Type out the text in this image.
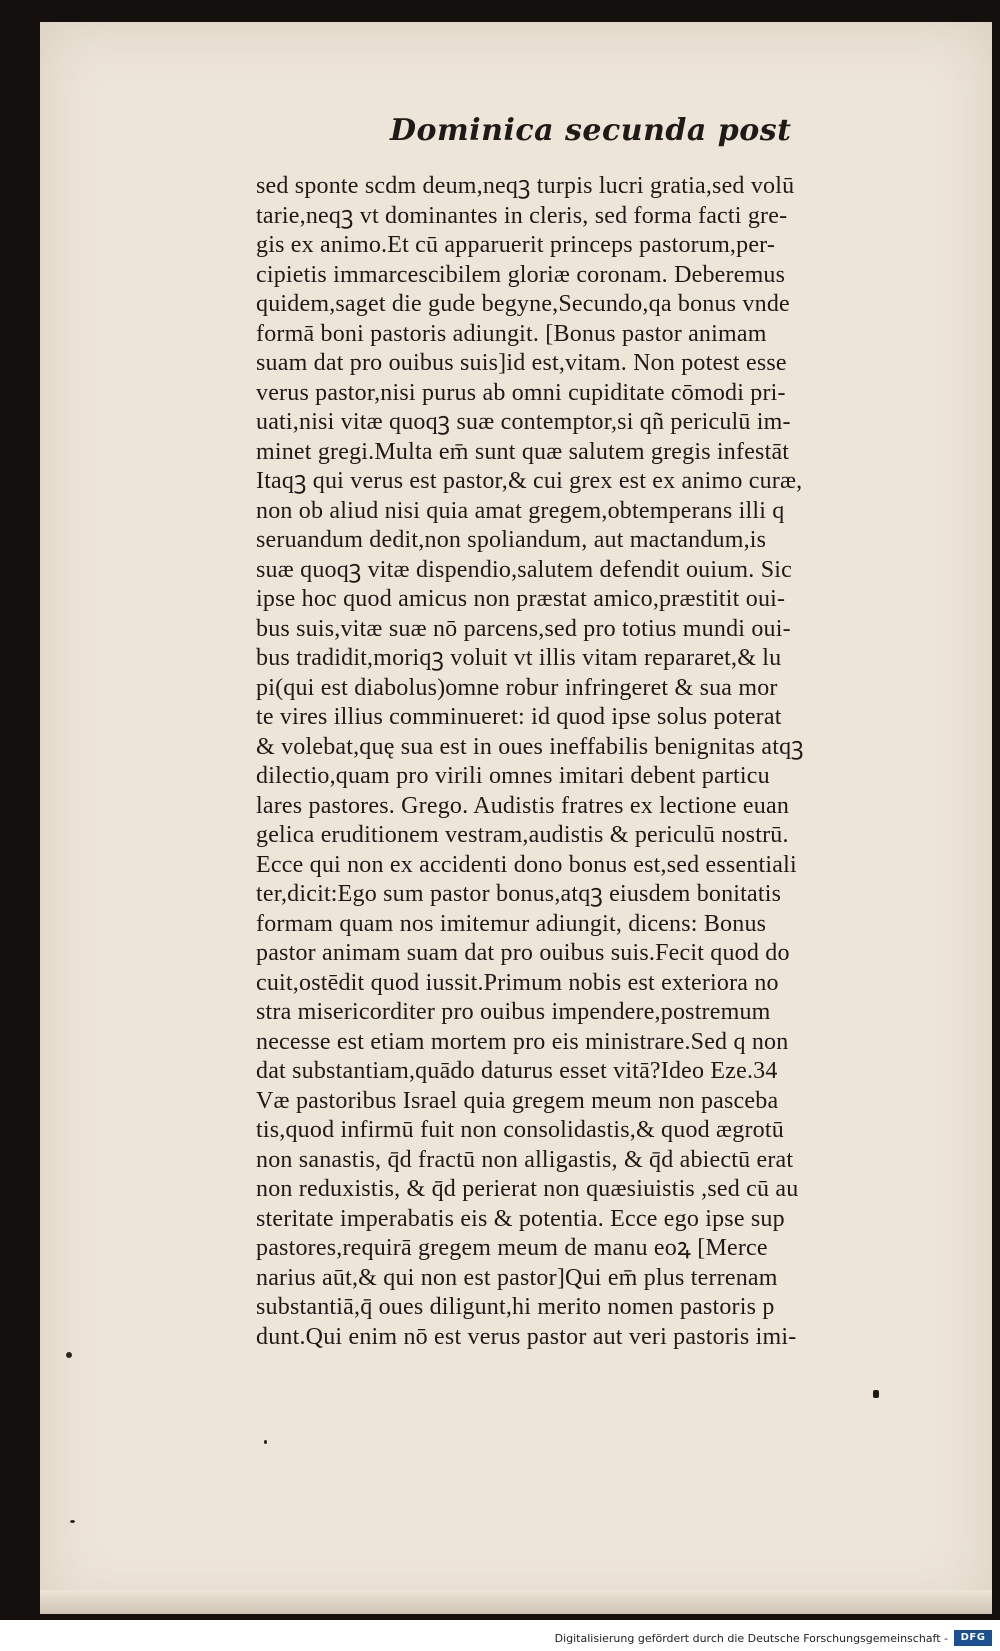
Dominica secunda post
sed sponte scdm deum,neqꝫ turpis lucri gratia,sed volū
tarie,neqꝫ vt dominantes in cleris, sed forma facti gre-
gis ex animo.Et cū apparuerit princeps pastorum,per-
cipietis immarcescibilem gloriæ coronam. Deberemus
quidem,saget die gude begyne,Secundo,qa bonus vnde
formā boni pastoris adiungit. [Bonus pastor animam
suam dat pro ouibus suis]id est,vitam. Non potest esse
verus pastor,nisi purus ab omni cupiditate cōmodi pri-
uati,nisi vitæ quoqꝫ suæ contemptor,si qñ periculū im-
minet gregi.Multa em̄ sunt quæ salutem gregis infestāt
Itaqꝫ qui verus est pastor,& cui grex est ex animo curæ,
non ob aliud nisi quia amat gregem,obtemperans illi q
seruandum dedit,non spoliandum, aut mactandum,is
suæ quoqꝫ vitæ dispendio,salutem defendit ouium. Sic
ipse hoc quod amicus non præstat amico,præstitit oui-
bus suis,vitæ suæ nō parcens,sed pro totius mundi oui-
bus tradidit,moriqꝫ voluit vt illis vitam repararet,& lu
pi(qui est diabolus)omne robur infringeret & sua mor
te vires illius comminueret: id quod ipse solus poterat
& volebat,quę sua est in oues ineffabilis benignitas atqꝫ
dilectio,quam pro virili omnes imitari debent particu
lares pastores. Grego. Audistis fratres ex lectione euan
gelica eruditionem vestram,audistis & periculū nostrū.
Ecce qui non ex accidenti dono bonus est,sed essentiali
ter,dicit:Ego sum pastor bonus,atqꝫ eiusdem bonitatis
formam quam nos imitemur adiungit, dicens: Bonus
pastor animam suam dat pro ouibus suis.Fecit quod do
cuit,ostēdit quod iussit.Primum nobis est exteriora no
stra misericorditer pro ouibus impendere,postremum
necesse est etiam mortem pro eis ministrare.Sed q non
dat substantiam,quādo daturus esset vitā?Ideo Eze.34
Væ pastoribus Israel quia gregem meum non pasceba
tis,quod infirmū fuit non consolidastis,& quod ægrotū
non sanastis, q̄d fractū non alligastis, & q̄d abiectū erat
non reduxistis, & q̄d perierat non quæsiuistis ,sed cū au
steritate imperabatis eis & potentia. Ecce ego ipse sup
pastores,requirā gregem meum de manu eoꝝ [Merce
narius aūt,& qui non est pastor]Qui em̄ plus terrenam
substantiā,q̄ oues diligunt,hi merito nomen pastoris p
dunt.Qui enim nō est verus pastor aut veri pastoris imi-
Digitalisierung gefördert durch die Deutsche Forschungsgemeinschaft -	DFG
